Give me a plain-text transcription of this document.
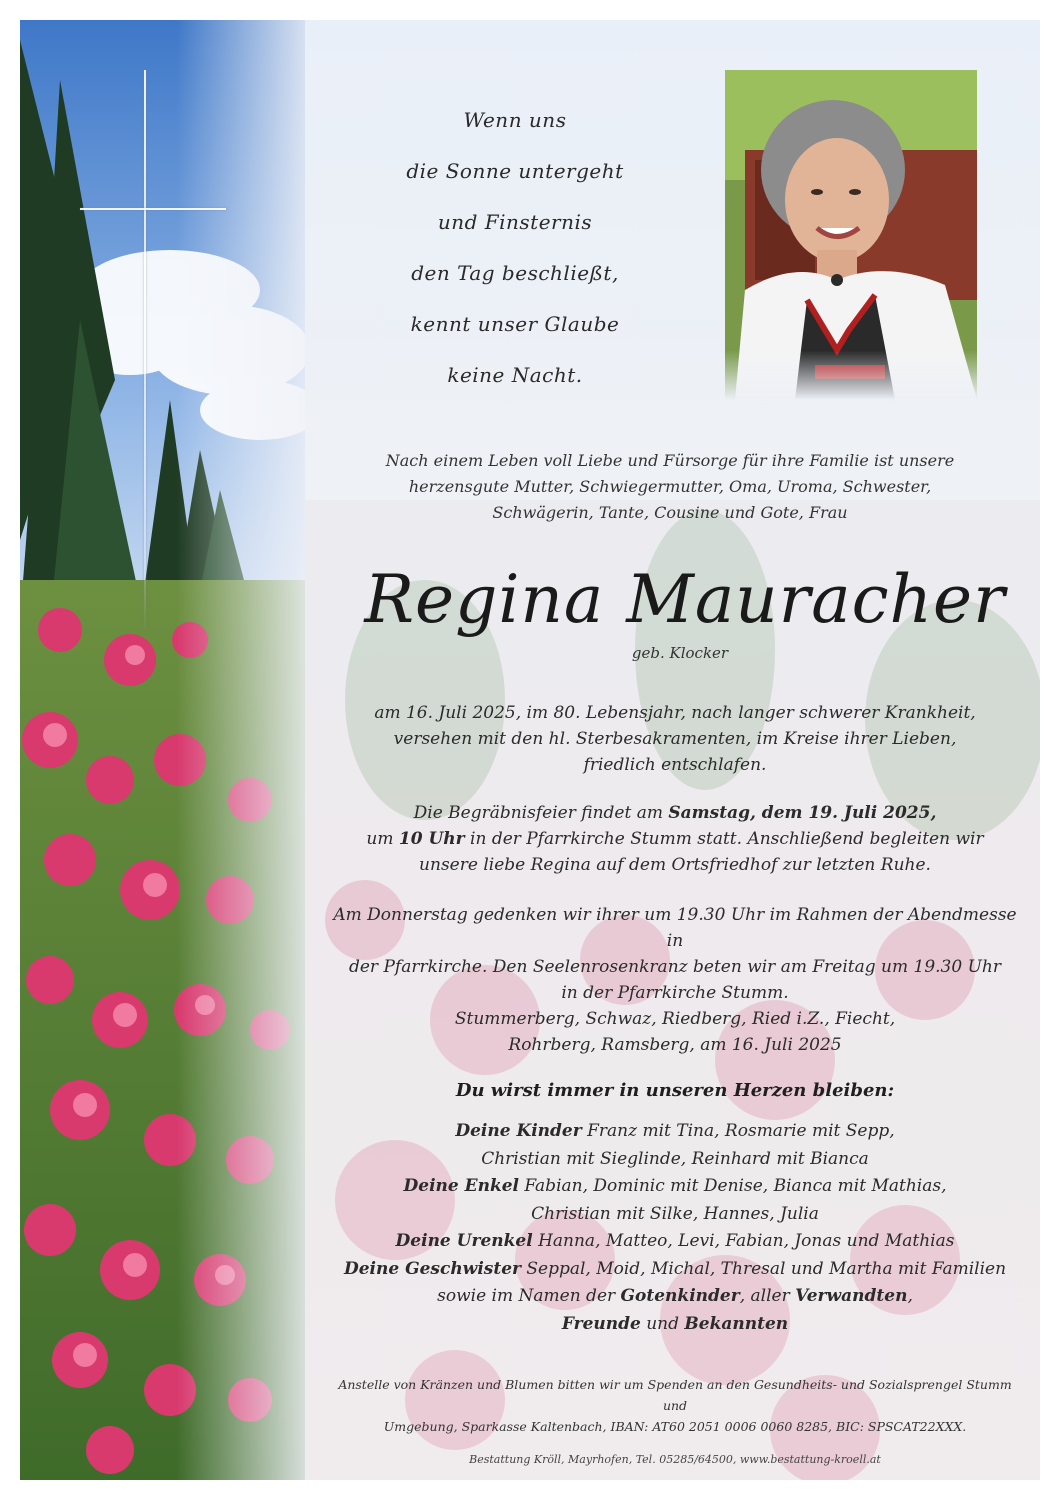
Wenn uns
die Sonne untergeht
und Finsternis
den Tag beschließt,
kennt unser Glaube
keine Nacht.
Nach einem Leben voll Liebe und Fürsorge für ihre Familie ist unsere
herzensgute Mutter, Schwiegermutter, Oma, Uroma, Schwester,
Schwägerin, Tante, Cousine und Gote, Frau
Regina Mauracher
geb. Klocker
am 16. Juli 2025, im 80. Lebensjahr, nach langer schwerer Krankheit,
versehen mit den hl. Sterbesakramenten, im Kreise ihrer Lieben,
friedlich entschlafen.
Die Begräbnisfeier findet am Samstag, dem 19. Juli 2025,
um 10 Uhr in der Pfarrkirche Stumm statt. Anschließend begleiten wir
unsere liebe Regina auf dem Ortsfriedhof zur letzten Ruhe.
Am Donnerstag gedenken wir ihrer um 19.30 Uhr im Rahmen der Abendmesse in
der Pfarrkirche. Den Seelenrosenkranz beten wir am Freitag um 19.30 Uhr
in der Pfarrkirche Stumm.
Stummerberg, Schwaz, Riedberg, Ried i.Z., Fiecht,
Rohrberg, Ramsberg, am 16. Juli 2025
Du wirst immer in unseren Herzen bleiben:
Deine Kinder Franz mit Tina, Rosmarie mit Sepp,
Christian mit Sieglinde, Reinhard mit Bianca
Deine Enkel Fabian, Dominic mit Denise, Bianca mit Mathias,
Christian mit Silke, Hannes, Julia
Deine Urenkel Hanna, Matteo, Levi, Fabian, Jonas und Mathias
Deine Geschwister Seppal, Moid, Michal, Thresal und Martha mit Familien
sowie im Namen der Gotenkinder, aller Verwandten,
Freunde und Bekannten
Anstelle von Kränzen und Blumen bitten wir um Spenden an den Gesundheits- und Sozialsprengel Stumm und
Umgebung, Sparkasse Kaltenbach, IBAN: AT60 2051 0006 0060 8285, BIC: SPSCAT22XXX.
Bestattung Kröll, Mayrhofen, Tel. 05285/64500, www.bestattung-kroell.at
